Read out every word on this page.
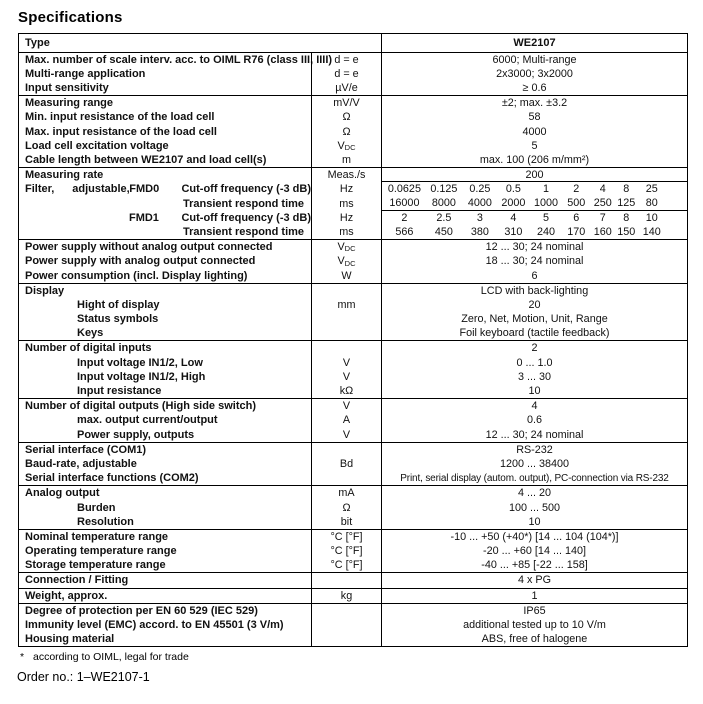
Specifications
Type	WE2107
Max. number of scale interv. acc. to OIML R76 (class III, IIII) d = e	6000; Multi-range
Multi-range application	d = e	2x3000; 3x2000
Input sensitivity	µV/e	≥ 0.6
Measuring range	mV/V	±2; max. ±3.2
Min. input resistance of the load cell	Ω	58
Max. input resistance of the load cell	Ω	4000
Load cell excitation voltage	V DC	5
Cable length between WE2107 and load cell(s)	m	max. 100 (206 m/mm²)
Measuring rate	Meas./s	200
Filter,	adjustable, FMD0	Cut-off frequency (-3 dB)	Hz	0.0625 0.125	0.25	0.5	1	2	4	8	25
Transient respond time	ms	16000	8000	4000 2000 1000 500 250 125 80
FMD1	Cut-off frequency (-3 dB)	Hz	2	2.5	3	4	5	6	7	8	10
Transient respond time	ms	566	450	380	310	240	170 160 150 140
Power supply without analog output connected	V DC	12 ... 30; 24 nominal
Power supply with analog output connected	V DC	18 ... 30; 24 nominal
Power consumption (incl. Display lighting)	W	6
Display	LCD with back-lighting
Hight of display	mm	20
Status symbols	Zero, Net, Motion, Unit, Range
Keys	Foil keyboard (tactile feedback)
Number of digital inputs	2
Input voltage IN1/2, Low	V	0 ... 1.0
Input voltage IN1/2, High	V	3 ... 30
Input resistance	kΩ	10
Number of digital outputs (High side switch)	V	4
max. output current/output	A	0.6
Power supply, outputs	V	12 ... 30; 24 nominal
Serial interface (COM1)	RS-232
Baud-rate, adjustable	Bd	1200 ... 38400
Serial interface functions (COM2)	Print, serial display (autom. output), PC-connection via RS-232
Analog output	mA	4 ... 20
Burden	Ω	100 ... 500
Resolution	bit	10
Nominal temperature range	°C [°F]	-10 ... +50 (+40*) [14 ... 104 (104*)]
Operating temperature range	°C [°F]	-20 ... +60 [14 ... 140]
Storage temperature range	°C [°F]	-40 ... +85 [-22 ... 158]
Connection / Fitting	4 x PG
Weight, approx.	kg	1
Degree of protection per EN 60 529 (IEC 529)	IP65
Immunity level (EMC) accord. to EN 45501 (3 V/m)	additional tested up to 10 V/m
Housing material	ABS, free of halogene
* according to OIML, legal for trade
Order no.: 1–WE2107-1
